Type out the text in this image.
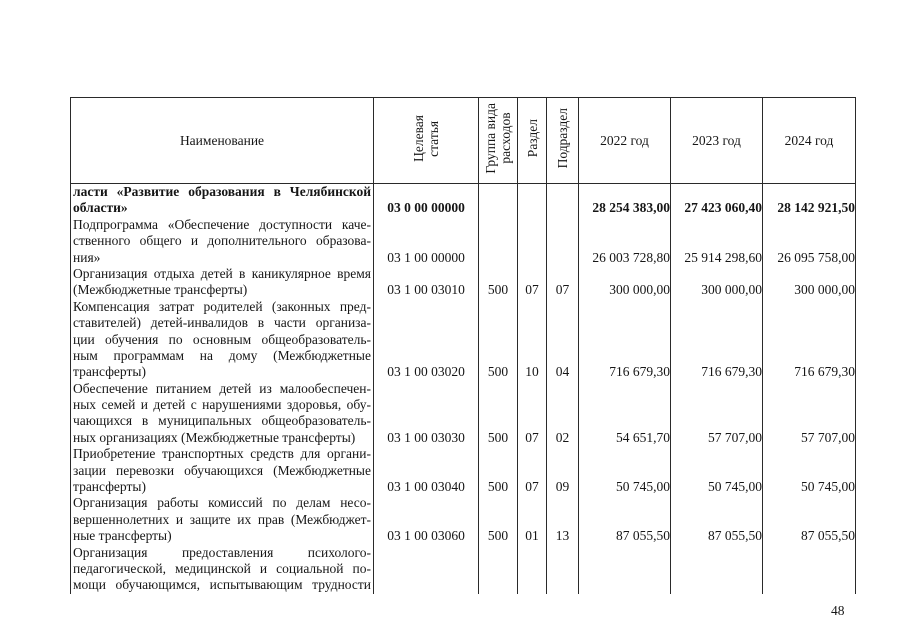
Наименование	Целевая статья	Группа вида расходов	Раздел	Подраздел	2022 год	2023 год	2024 год

ласти «Развитие образования в Челябинской
области»	03 0 00 00000				28 254 383,00	27 423 060,40	28 142 921,50

Подпрограмма «Обеспечение доступности каче-
ственного общего и дополнительного образова-
ния»	03 1 00 00000				26 003 728,80	25 914 298,60	26 095 758,00

Организация отдыха детей в каникулярное время
(Межбюджетные трансферты)	03 1 00 03010	500	07	07	300 000,00	300 000,00	300 000,00

Компенсация затрат родителей (законных пред-
ставителей) детей-инвалидов в части организа-
ции обучения по основным общеобразователь-
ным программам на дому (Межбюджетные
трансферты)	03 1 00 03020	500	10	04	716 679,30	716 679,30	716 679,30

Обеспечение питанием детей из малообеспечен-
ных семей и детей с нарушениями здоровья, обу-
чающихся в муниципальных общеобразователь-
ных организациях (Межбюджетные трансферты)	03 1 00 03030	500	07	02	54 651,70	57 707,00	57 707,00

Приобретение транспортных средств для органи-
зации перевозки обучающихся (Межбюджетные
трансферты)	03 1 00 03040	500	07	09	50 745,00	50 745,00	50 745,00

Организация работы комиссий по делам несо-
вершеннолетних и защите их прав (Межбюджет-
ные трансферты)	03 1 00 03060	500	01	13	87 055,50	87 055,50	87 055,50

Организация предоставления психолого-
педагогической, медицинской и социальной по-
мощи обучающимся, испытывающим трудности							

48
